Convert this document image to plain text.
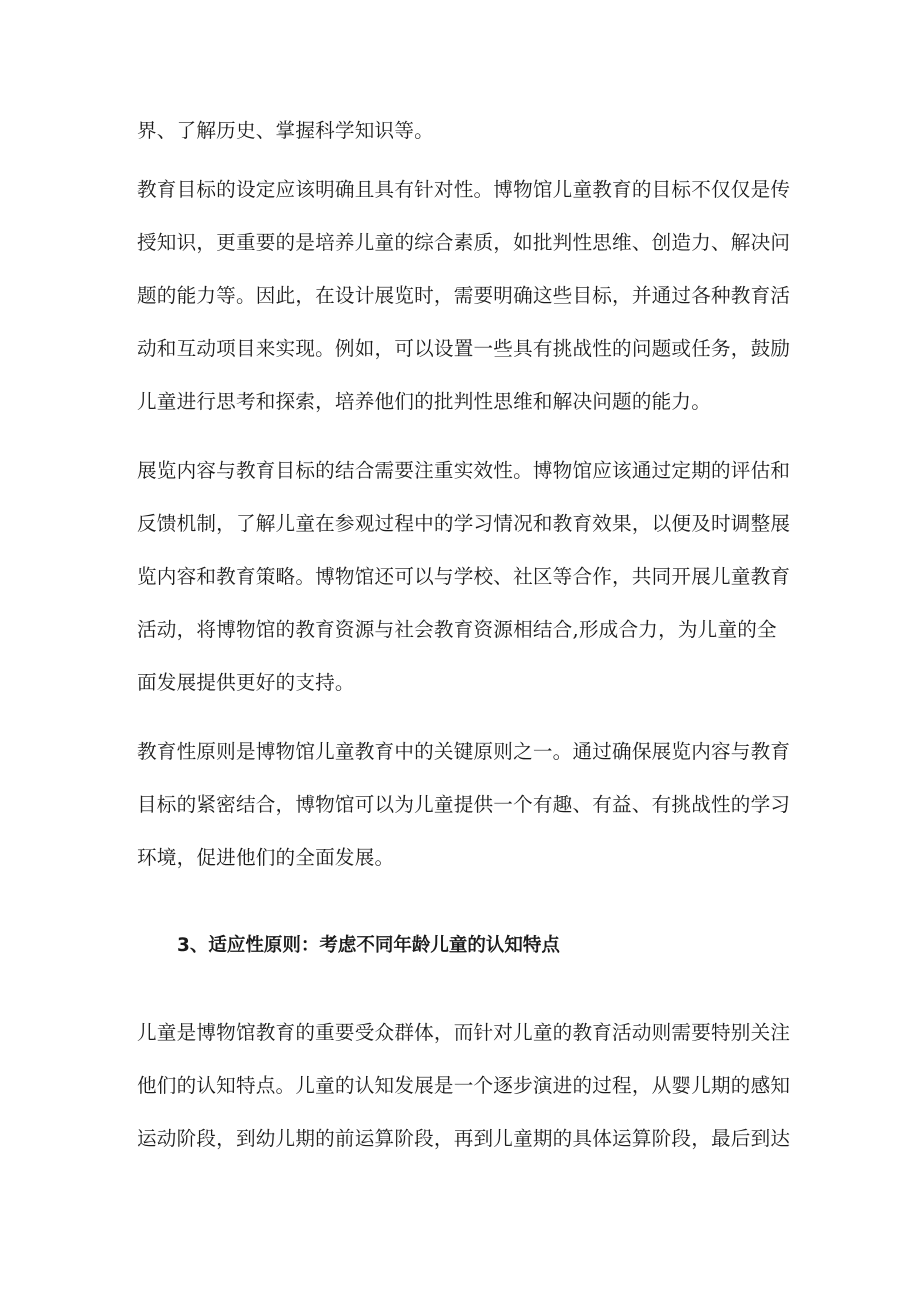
界、了解历史、掌握科学知识等。
教育目标的设定应该明确且具有针对性。博物馆儿童教育的目标不仅仅是传
授知识，更重要的是培养儿童的综合素质，如批判性思维、创造力、解决问
题的能力等。因此，在设计展览时，需要明确这些目标，并通过各种教育活
动和互动项目来实现。例如，可以设置一些具有挑战性的问题或任务，鼓励
儿童进行思考和探索，培养他们的批判性思维和解决问题的能力。
展览内容与教育目标的结合需要注重实效性。博物馆应该通过定期的评估和
反馈机制，了解儿童在参观过程中的学习情况和教育效果，以便及时调整展
览内容和教育策略。博物馆还可以与学校、社区等合作，共同开展儿童教育
活动，将博物馆的教育资源与社会教育资源相结合,形成合力，为儿童的全
面发展提供更好的支持。
教育性原则是博物馆儿童教育中的关键原则之一。通过确保展览内容与教育
目标的紧密结合，博物馆可以为儿童提供一个有趣、有益、有挑战性的学习
环境，促进他们的全面发展。
3、适应性原则：考虑不同年龄儿童的认知特点
儿童是博物馆教育的重要受众群体，而针对儿童的教育活动则需要特别关注
他们的认知特点。儿童的认知发展是一个逐步演进的过程，从婴儿期的感知
运动阶段，到幼儿期的前运算阶段，再到儿童期的具体运算阶段，最后到达
